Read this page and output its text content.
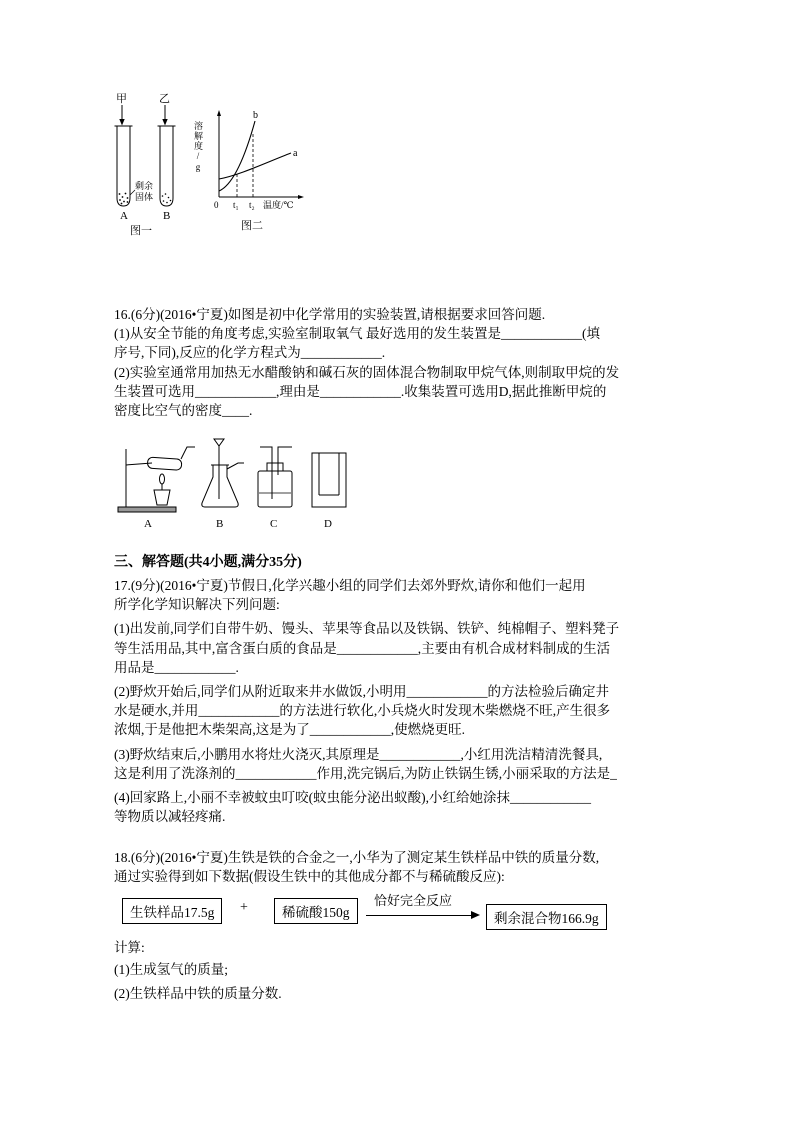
甲	乙
剩余
固体
A	B
图一
溶解度/g
b
a
0 t₁ t₂ 温度/℃
图二
16.(6分)(2016•宁夏)如图是初中化学常用的实验装置,请根据要求回答问题.
(1)从安全节能的角度考虑,实验室制取氧气 最好选用的发生装置是____________(填
序号,下同),反应的化学方程式为____________.
(2)实验室通常用加热无水醋酸钠和碱石灰的固体混合物制取甲烷气体,则制取甲烷的发
生装置可选用____________,理由是____________.收集装置可选用D,据此推断甲烷的
密度比空气的密度____.
A	B	C	D
三、解答题(共4小题,满分35分)
17.(9分)(2016•宁夏)节假日,化学兴趣小组的同学们去郊外野炊,请你和他们一起用
所学化学知识解决下列问题:
(1)出发前,同学们自带牛奶、馒头、苹果等食品以及铁锅、铁铲、纯棉帽子、塑料凳子
等生活用品,其中,富含蛋白质的食品是____________,主要由有机合成材料制成的生活
用品是____________.
(2)野炊开始后,同学们从附近取来井水做饭,小明用____________的方法检验后确定井
水是硬水,并用____________的方法进行软化,小兵烧火时发现木柴燃烧不旺,产生很多
浓烟,于是他把木柴架高,这是为了____________,使燃烧更旺.
(3)野炊结束后,小鹏用水将灶火浇灭,其原理是____________,小红用洗洁精清洗餐具,
这是利用了洗涤剂的____________作用,洗完锅后,为防止铁锅生锈,小丽采取的方法是_
(4)回家路上,小丽不幸被蚊虫叮咬(蚊虫能分泌出蚁酸),小红给她涂抹____________
等物质以减轻疼痛.
18.(6分)(2016•宁夏)生铁是铁的合金之一,小华为了测定某生铁样品中铁的质量分数,
通过实验得到如下数据(假设生铁中的其他成分都不与稀硫酸反应):
生铁样品17.5g	+	稀硫酸150g
恰好完全反应
剩余混合物166.9g
计算:
(1)生成氢气的质量;
(2)生铁样品中铁的质量分数.
